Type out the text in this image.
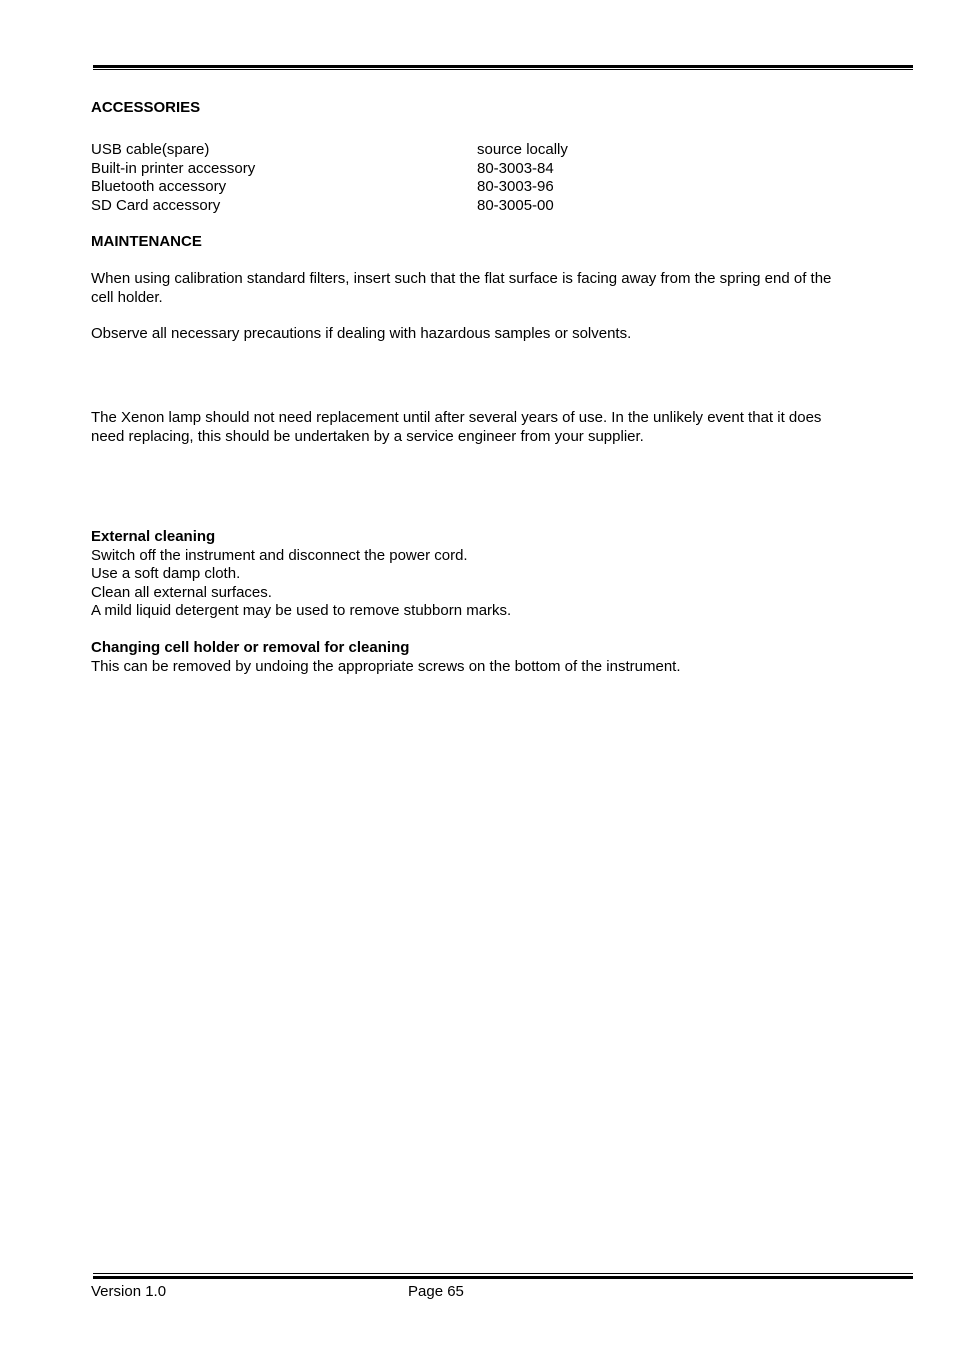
ACCESSORIES
USB cable(spare)	source locally
Built-in printer accessory	80-3003-84
Bluetooth accessory	80-3003-96
SD Card accessory	80-3005-00
MAINTENANCE

When using calibration standard filters, insert such that the flat surface is facing away from the spring end of the

cell holder.

Observe all necessary precautions if dealing with hazardous samples or solvents.

The Xenon lamp should not need replacement until after several years of use. In the unlikely event that it does

need replacing, this should be undertaken by a service engineer from your supplier.

External cleaning

Switch off the instrument and disconnect the power cord.

Use a soft damp cloth.

Clean all external surfaces.

A mild liquid detergent may be used to remove stubborn marks.

Changing cell holder or removal for cleaning

This can be removed by undoing the appropriate screws on the bottom of the instrument.

Version 1.0	Page 65
